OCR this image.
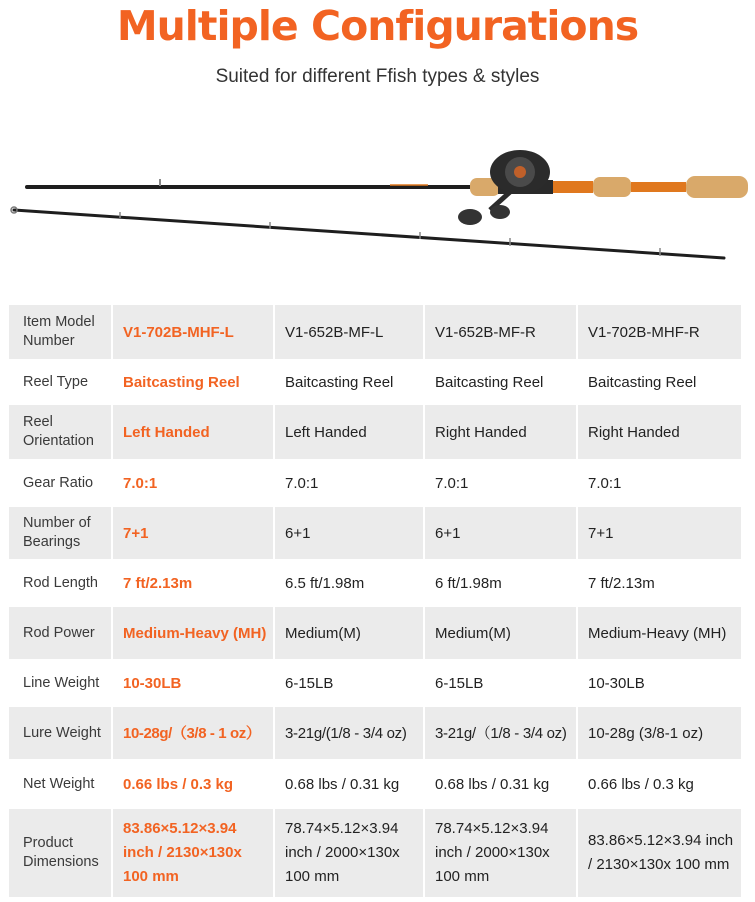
Multiple Configurations
Suited for different Ffish types & styles
Item Model Number	V1-702B-MHF-L	V1-652B-MF-L	V1-652B-MF-R	V1-702B-MHF-R
Reel Type	Baitcasting Reel	Baitcasting Reel	Baitcasting Reel	Baitcasting Reel
Reel Orientation	Left Handed	Left Handed	Right Handed	Right Handed
Gear Ratio	7.0:1	7.0:1	7.0:1	7.0:1
Number of Bearings	7+1	6+1	6+1	7+1
Rod Length	7 ft/2.13m	6.5 ft/1.98m	6 ft/1.98m	7 ft/2.13m
Rod Power	Medium-Heavy (MH)	Medium(M)	Medium(M)	Medium-Heavy (MH)
Line Weight	10-30LB	6-15LB	6-15LB	10-30LB
Lure Weight	10-28g/（3/8 - 1 oz）	3-21g/(1/8 - 3/4 oz)	3-21g/（1/8 - 3/4 oz)	10-28g (3/8-1 oz)
Net Weight	0.66 lbs / 0.3 kg	0.68 lbs / 0.31 kg	0.68 lbs / 0.31 kg	0.66 lbs / 0.3 kg
Product Dimensions	83.86×5.12×3.94 inch / 2130×130x 100 mm	78.74×5.12×3.94 inch / 2000×130x 100 mm	78.74×5.12×3.94 inch / 2000×130x 100 mm	83.86×5.12×3.94 inch / 2130×130x 100 mm
